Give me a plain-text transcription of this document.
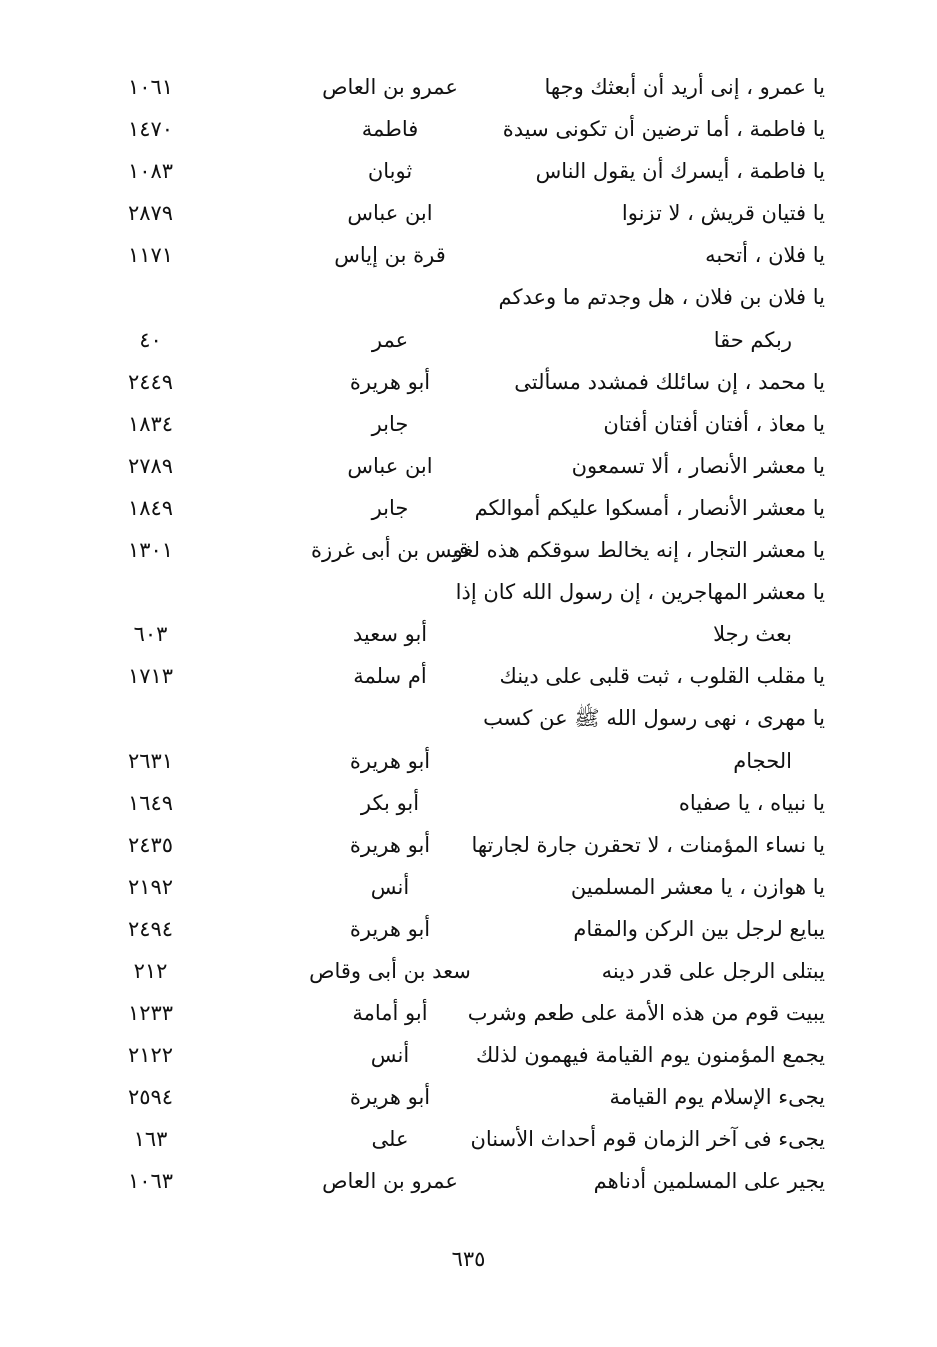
يا عمرو ، إنى أريد أن أبعثك وجها
عمرو بن العاص
١٠٦١
يا فاطمة ، أما ترضين أن تكونى سيدة
فاطمة
١٤٧٠
يا فاطمة ، أيسرك أن يقول الناس
ثوبان
١٠٨٣
يا فتيان قريش ، لا تزنوا
ابن عباس
٢٨٧٩
يا فلان ، أتحبه
قرة بن إياس
١١٧١
يا فلان بن فلان ، هل وجدتم ما وعدكم
ربكم حقا
عمر
٤٠
يا محمد ، إن سائلك فمشدد مسألتى
أبو هريرة
٢٤٤٩
يا معاذ ، أفتان أفتان أفتان
جابر
١٨٣٤
يا معشر الأنصار ، ألا تسمعون
ابن عباس
٢٧٨٩
يا معشر الأنصار ، أمسكوا عليكم أموالكم
جابر
١٨٤٩
يا معشر التجار ، إنه يخالط سوقكم هذه لغو
قيس بن أبى غرزة
١٣٠١
يا معشر المهاجرين ، إن رسول الله كان إذا
بعث رجلا
أبو سعيد
٦٠٣
يا مقلب القلوب ، ثبت قلبى على دينك
أم سلمة
١٧١٣
يا مهرى ، نهى رسول الله ﷺ عن كسب
الحجام
أبو هريرة
٢٦٣١
يا نبياه ، يا صفياه
أبو بكر
١٦٤٩
يا نساء المؤمنات ، لا تحقرن جارة لجارتها
أبو هريرة
٢٤٣٥
يا هوازن ، يا معشر المسلمين
أنس
٢١٩٢
يبايع لرجل بين الركن والمقام
أبو هريرة
٢٤٩٤
يبتلى الرجل على قدر دينه
سعد بن أبى وقاص
٢١٢
يبيت قوم من هذه الأمة على طعم وشرب
أبو أمامة
١٢٣٣
يجمع المؤمنون يوم القيامة فيهمون لذلك
أنس
٢١٢٢
يجىء الإسلام يوم القيامة
أبو هريرة
٢٥٩٤
يجىء فى آخر الزمان قوم أحداث الأسنان
على
١٦٣
يجير على المسلمين أدناهم
عمرو بن العاص
١٠٦٣
٦٣٥
